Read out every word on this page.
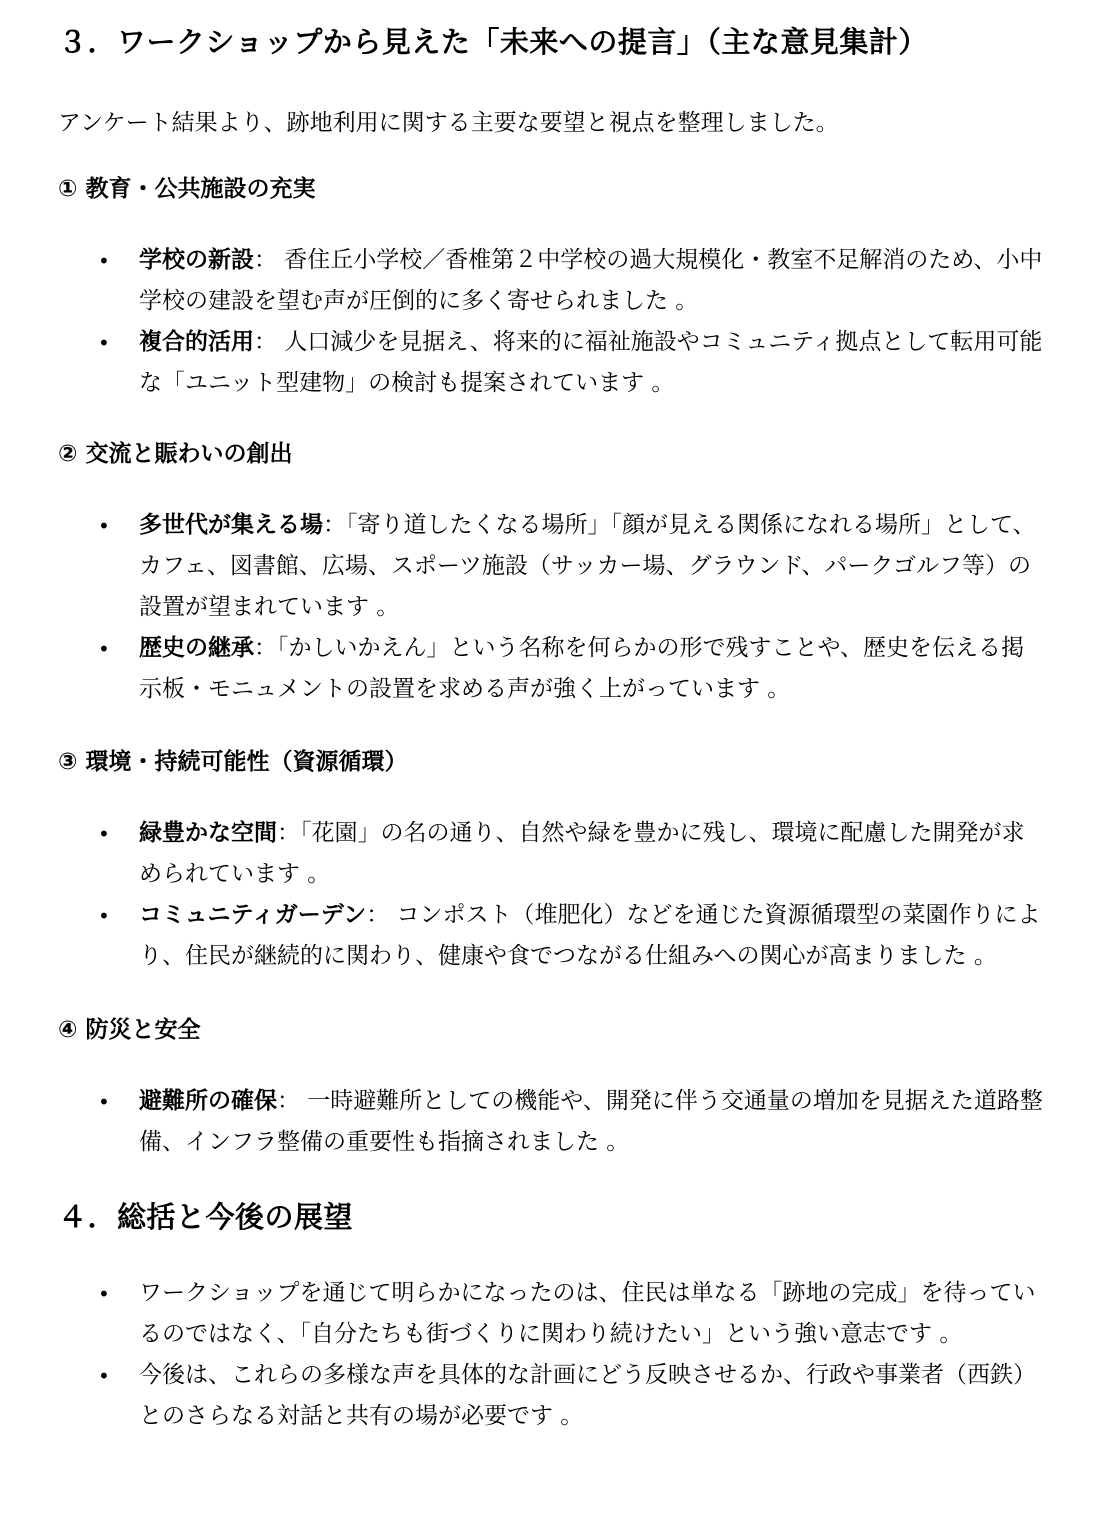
３．ワークショップから見えた「未来への提言」（主な意見集計）

アンケート結果より、跡地利用に関する主要な要望と視点を整理しました。

① 教育・公共施設の充実
• 学校の新設： 香住丘小学校／香椎第２中学校の過大規模化・教室不足解消のため、小中学校の建設を望む声が圧倒的に多く寄せられました 。
• 複合的活用： 人口減少を見据え、将来的に福祉施設やコミュニティ拠点として転用可能な「ユニット型建物」の検討も提案されています 。
② 交流と賑わいの創出
• 多世代が集える場：「寄り道したくなる場所」「顔が見える関係になれる場所」として、カフェ、図書館、広場、スポーツ施設（サッカー場、グラウンド、パークゴルフ等）の設置が望まれています 。
• 歴史の継承：「かしいかえん」という名称を何らかの形で残すことや、歴史を伝える掲示板・モニュメントの設置を求める声が強く上がっています 。
③ 環境・持続可能性（資源循環）
• 緑豊かな空間：「花園」の名の通り、自然や緑を豊かに残し、環境に配慮した開発が求められています 。
• コミュニティガーデン： コンポスト（堆肥化）などを通じた資源循環型の菜園作りにより、住民が継続的に関わり、健康や食でつながる仕組みへの関心が高まりました 。
④ 防災と安全
• 避難所の確保： 一時避難所としての機能や、開発に伴う交通量の増加を見据えた道路整備、インフラ整備の重要性も指摘されました 。
４．総括と今後の展望
• ワークショップを通じて明らかになったのは、住民は単なる「跡地の完成」を待っているのではなく、「自分たちも街づくりに関わり続けたい」という強い意志です 。
• 今後は、これらの多様な声を具体的な計画にどう反映させるか、行政や事業者（西鉄）とのさらなる対話と共有の場が必要です 。
